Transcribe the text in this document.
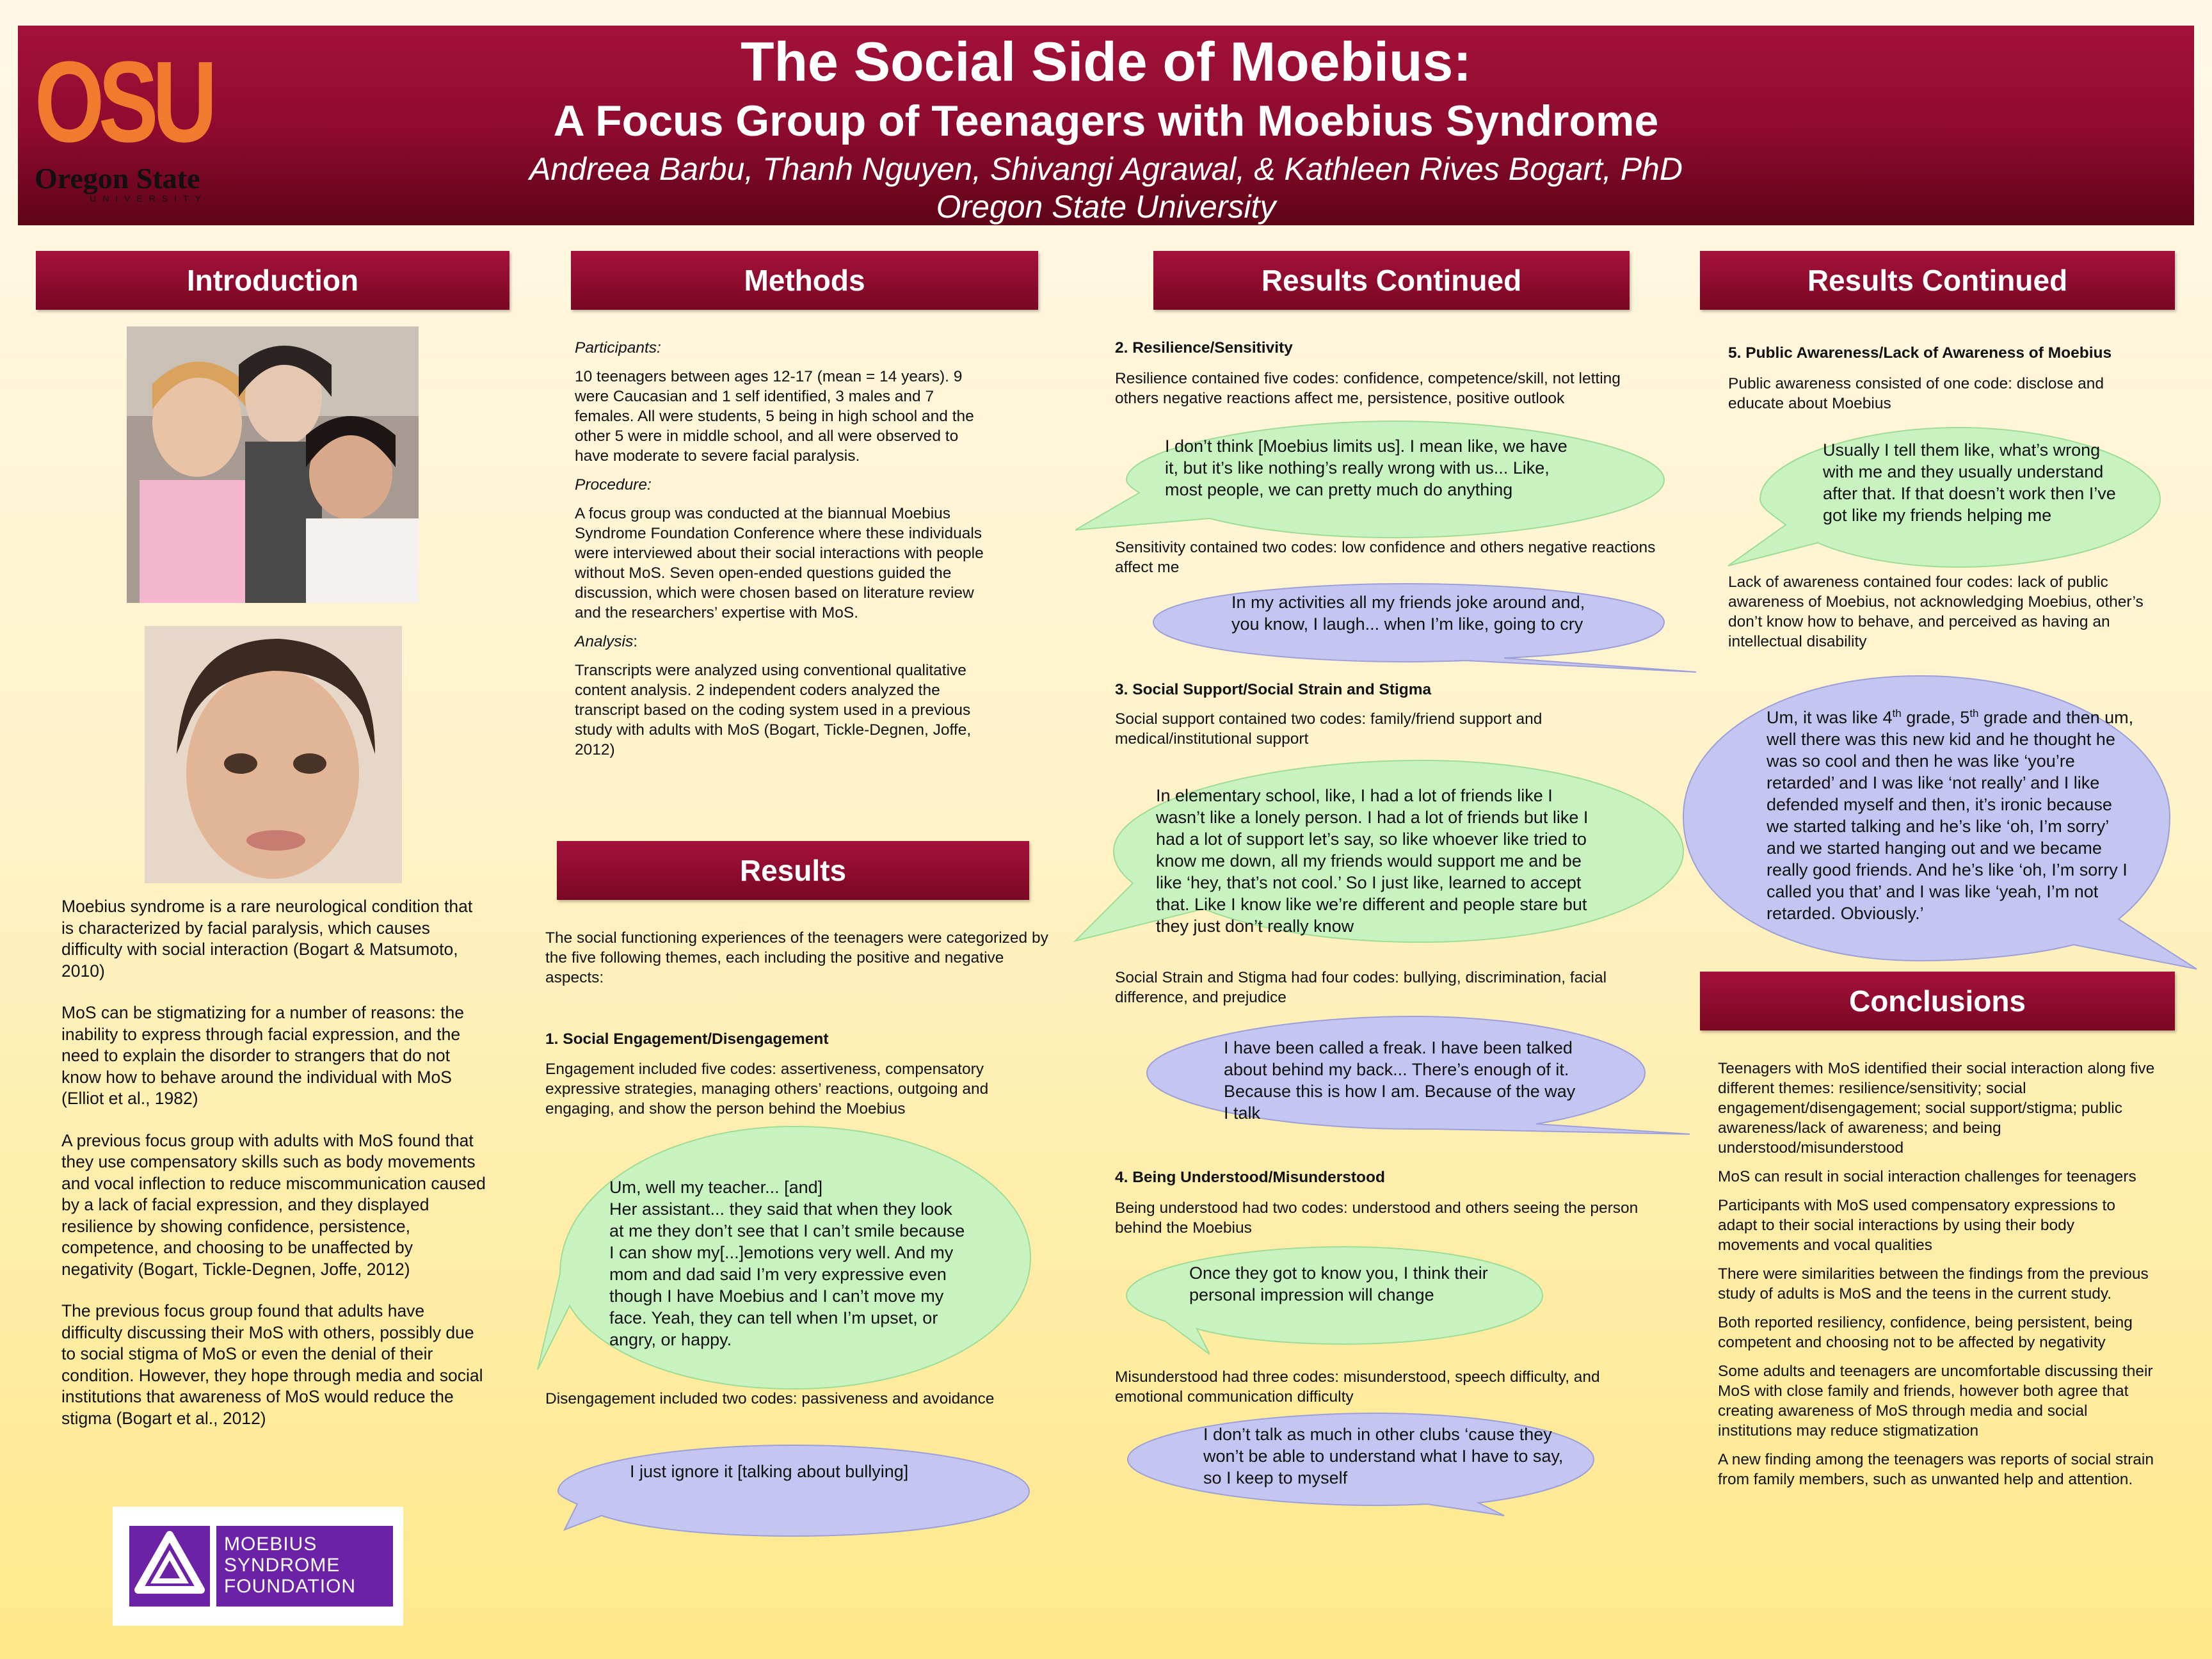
OSU
Oregon State
UNIVERSITY
The Social Side of Moebius:
A Focus Group of Teenagers with Moebius Syndrome
Andreea Barbu, Thanh Nguyen, Shivangi Agrawal, & Kathleen Rives Bogart, PhD
Oregon State University
Introduction

Moebius syndrome is a rare neurological condition that is characterized by facial paralysis, which causes difficulty with social interaction (Bogart & Matsumoto, 2010)

MoS can be stigmatizing for a number of reasons: the inability to express through facial expression, and the need to explain the disorder to strangers that do not know how to behave around the individual with MoS (Elliot et al., 1982)

A previous focus group with adults with MoS found that they use compensatory skills such as body movements and vocal inflection to reduce miscommunication caused by a lack of facial expression, and they displayed resilience by showing confidence, persistence, competence, and choosing to be unaffected by negativity (Bogart, Tickle-Degnen, Joffe, 2012)

The previous focus group found that adults have difficulty discussing their MoS with others, possibly due to social stigma of MoS or even the denial of their condition. However, they hope through media and social institutions that awareness of MoS would reduce the stigma (Bogart et al., 2012)

MOEBIUS
SYNDROME
FOUNDATION
Methods

Participants:

10 teenagers between ages 12-17 (mean = 14 years). 9 were Caucasian and 1 self identified, 3 males and 7 females. All were students, 5 being in high school and the other 5 were in middle school, and all were observed to have moderate to severe facial paralysis.

Procedure:

A focus group was conducted at the biannual Moebius Syndrome Foundation Conference where these individuals were interviewed about their social interactions with people without MoS. Seven open-ended questions guided the discussion, which were chosen based on literature review and the researchers’ expertise with MoS.

Analysis:

Transcripts were analyzed using conventional qualitative content analysis. 2 independent coders analyzed the transcript based on the coding system used in a previous study with adults with MoS (Bogart, Tickle-Degnen, Joffe, 2012)

Results
The social functioning experiences of the teenagers were categorized by the five following themes, each including the positive and negative aspects:
1. Social Engagement/Disengagement
Engagement included five codes: assertiveness, compensatory expressive strategies, managing others’ reactions, outgoing and engaging, and show the person behind the Moebius
Um, well my teacher... [and]
Her assistant... they said that when they look at me they don’t see that I can’t smile because I can show my[...]emotions very well. And my mom and dad said I’m very expressive even though I have Moebius and I can’t move my face. Yeah, they can tell when I’m upset, or angry, or happy.
Disengagement included two codes: passiveness and avoidance
I just ignore it [talking about bullying]
Results Continued
2. Resilience/Sensitivity
Resilience contained five codes: confidence, competence/skill, not letting others negative reactions affect me, persistence, positive outlook
I don’t think [Moebius limits us]. I mean like, we have it, but it’s like nothing’s really wrong with us... Like, most people, we can pretty much do anything
Sensitivity contained two codes: low confidence and others negative reactions affect me
In my activities all my friends joke around and, you know, I laugh... when I’m like, going to cry
3. Social Support/Social Strain and Stigma
Social support contained two codes: family/friend support and medical/institutional support
In elementary school, like, I had a lot of friends like I wasn’t like a lonely person. I had a lot of friends but like I had a lot of support let’s say, so like whoever like tried to know me down, all my friends would support me and be like ‘hey, that’s not cool.’ So I just like, learned to accept that. Like I know like we’re different and people stare but they just don’t really know
Social Strain and Stigma had four codes: bullying, discrimination, facial difference, and prejudice
I have been called a freak. I have been talked about behind my back... There’s enough of it. Because this is how I am. Because of the way I talk
4. Being Understood/Misunderstood
Being understood had two codes: understood and others seeing the person behind the Moebius
Once they got to know you, I think their personal impression will change
Misunderstood had three codes: misunderstood, speech difficulty, and emotional communication difficulty
I don’t talk as much in other clubs ‘cause they won’t be able to understand what I have to say, so I keep to myself
Results Continued
5. Public Awareness/Lack of Awareness of Moebius
Public awareness consisted of one code: disclose and educate about Moebius
Usually I tell them like, what’s wrong with me and they usually understand after that. If that doesn’t work then I’ve got like my friends helping me
Lack of awareness contained four codes: lack of public awareness of Moebius, not acknowledging Moebius, other’s don’t know how to behave, and perceived as having an intellectual disability
Um, it was like 4th grade, 5th grade and then um, well there was this new kid and he thought he was so cool and then he was like ‘you’re retarded’ and I was like ‘not really’ and I like defended myself and then, it’s ironic because we started talking and he’s like ‘oh, I’m sorry’ and we started hanging out and we became really good friends. And he’s like ‘oh, I’m sorry I called you that’ and I was like ‘yeah, I’m not retarded. Obviously.’
Conclusions

Teenagers with MoS identified their social interaction along five different themes: resilience/sensitivity; social engagement/disengagement; social support/stigma; public awareness/lack of awareness; and being understood/misunderstood

MoS can result in social interaction challenges for teenagers

Participants with MoS used compensatory expressions to adapt to their social interactions by using their body movements and vocal qualities

There were similarities between the findings from the previous study of adults is MoS and the teens in the current study.

Both reported resiliency, confidence, being persistent, being competent and choosing not to be affected by negativity

Some adults and teenagers are uncomfortable discussing their MoS with close family and friends, however both agree that creating awareness of MoS through media and social institutions may reduce stigmatization

A new finding among the teenagers was reports of social strain from family members, such as unwanted help and attention.
